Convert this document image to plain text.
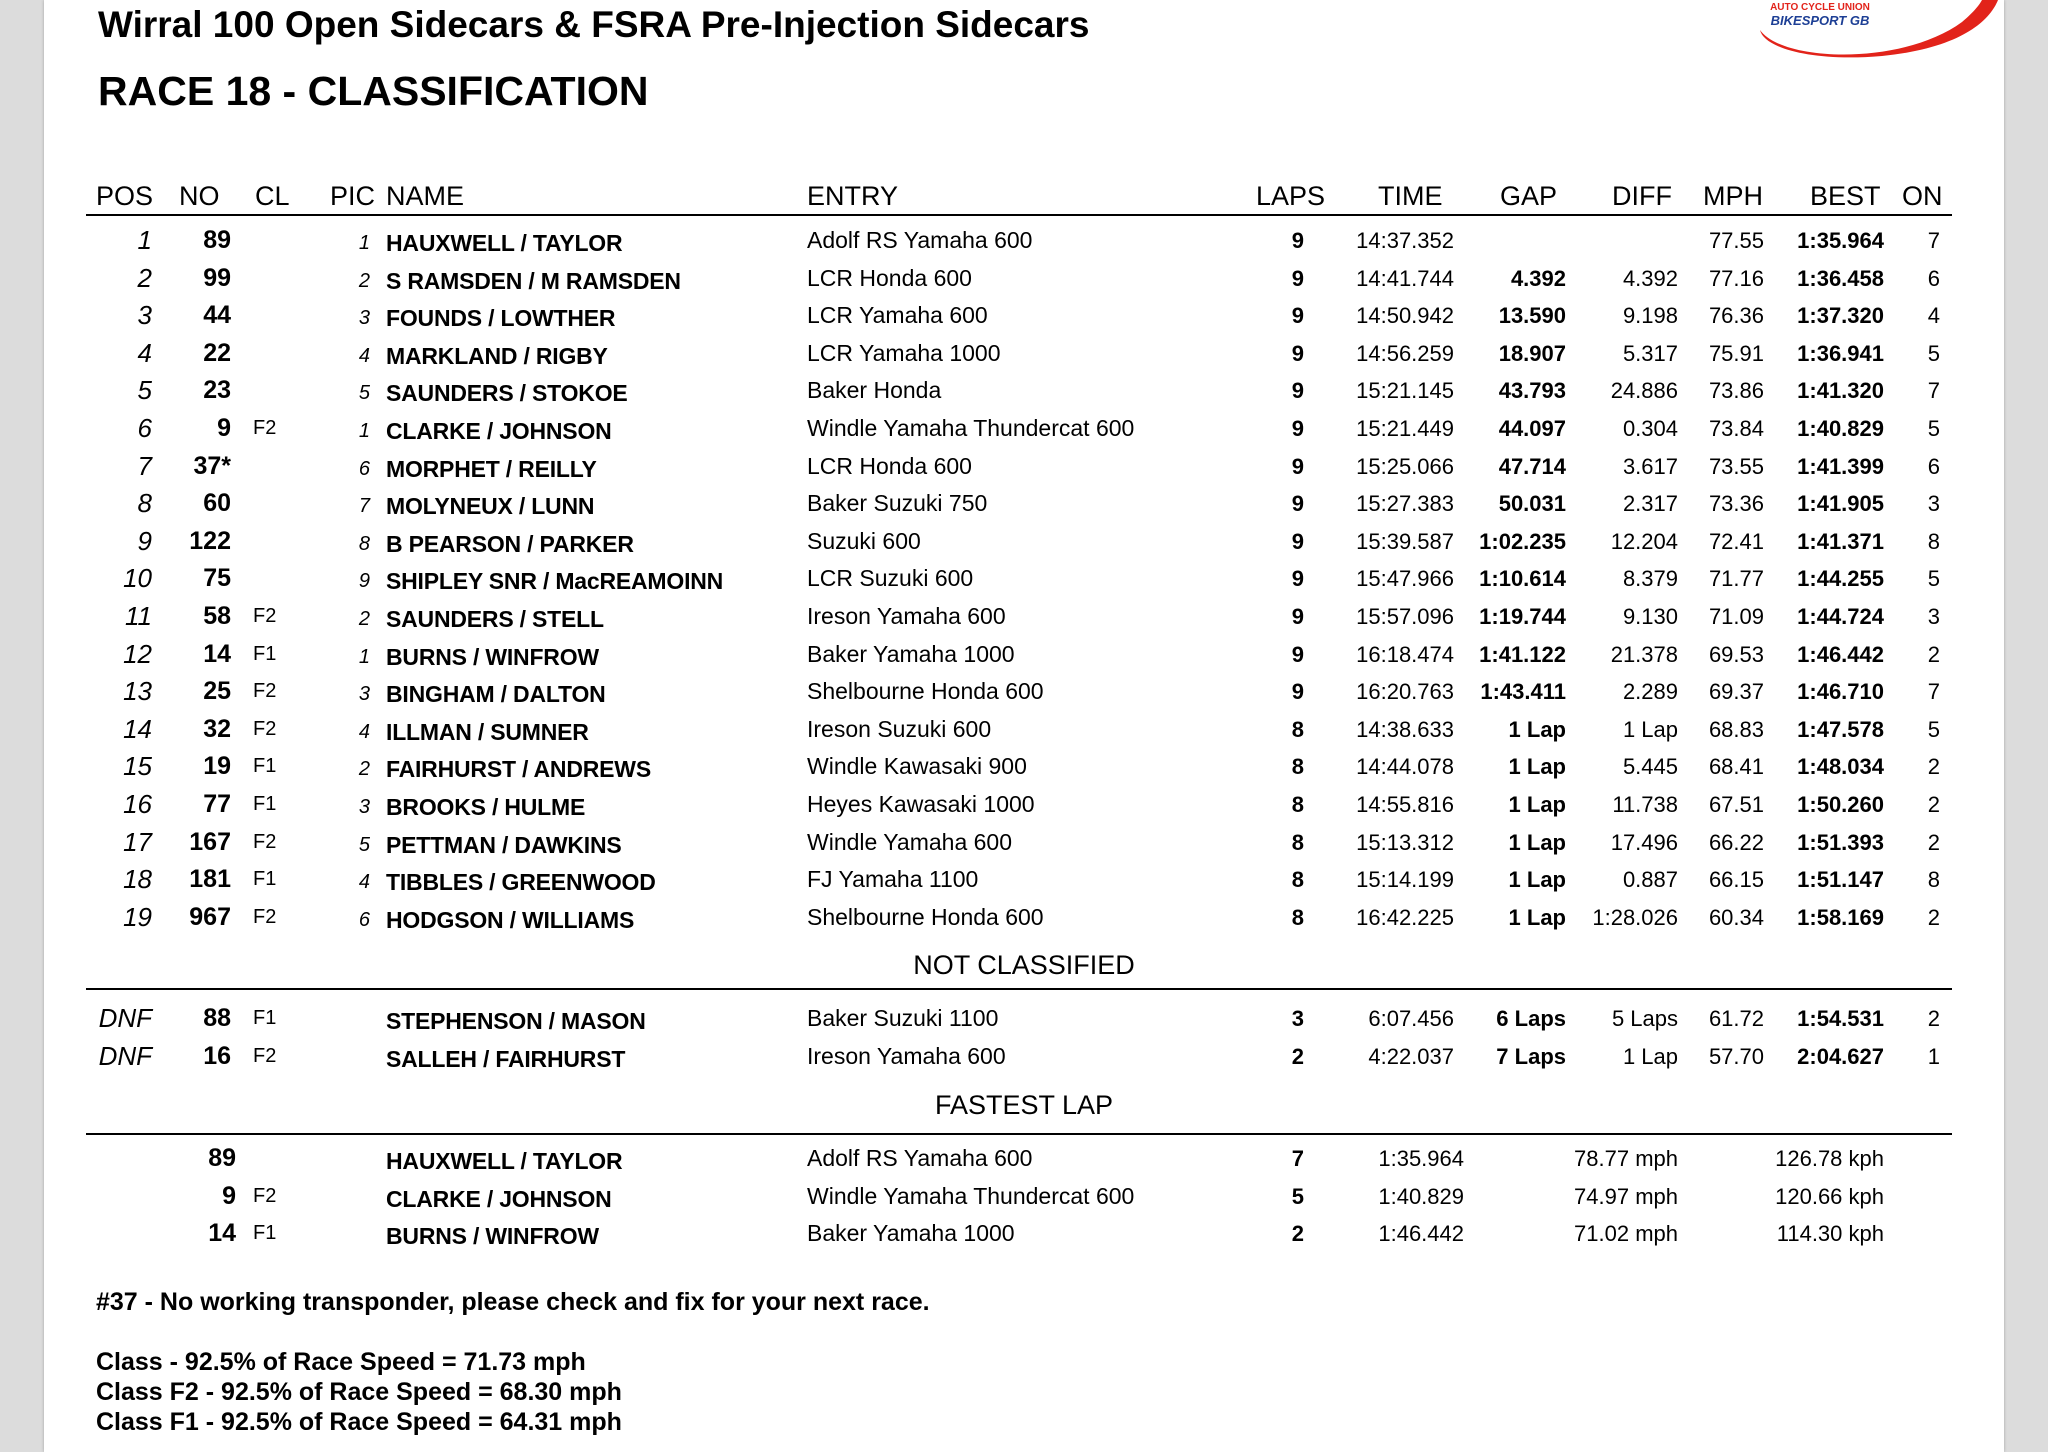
Wirral 100 Open Sidecars & FSRA Pre-Injection Sidecars
RACE 18 - CLASSIFICATION
AUTO CYCLE UNION
BIKESPORT GB
POS NO CL PIC NAME	ENTRY	LAPS TIME GAP DIFF MPH BEST ON
1 89	1 HAUXWELL / TAYLOR	Adolf RS Yamaha 600	9 14:37.352	77.55 1:35.964 7
2 99	2 S RAMSDEN / M RAMSDEN	LCR Honda 600	9 14:41.744	4.392	4.392 77.16 1:36.458 6
3 44	3 FOUNDS / LOWTHER	LCR Yamaha 600	9 14:50.942 13.590	9.198 76.36 1:37.320 4
4 22	4 MARKLAND / RIGBY	LCR Yamaha 1000	9 14:56.259 18.907	5.317 75.91 1:36.941 5
5 23	5 SAUNDERS / STOKOE	Baker Honda	9 15:21.145 43.793 24.886 73.86 1:41.320 7
6	9 F2	1 CLARKE / JOHNSON	Windle Yamaha Thundercat 600	9 15:21.449 44.097	0.304 73.84 1:40.829 5
7 37*	6 MORPHET / REILLY	LCR Honda 600	9 15:25.066 47.714	3.617 73.55 1:41.399 6
8 60	7 MOLYNEUX / LUNN	Baker Suzuki 750	9 15:27.383 50.031	2.317 73.36 1:41.905 3
9 122	8 B PEARSON / PARKER	Suzuki 600	9 15:39.587 1:02.235 12.204 72.41 1:41.371 8
10 75	9 SHIPLEY SNR / MacREAMOINN	LCR Suzuki 600	9 15:47.966 1:10.614	8.379 71.77 1:44.255 5
11 58 F2	2 SAUNDERS / STELL	Ireson Yamaha 600	9 15:57.096 1:19.744	9.130 71.09 1:44.724 3
12 14 F1	1 BURNS / WINFROW	Baker Yamaha 1000	9 16:18.474 1:41.122 21.378 69.53 1:46.442 2
13 25 F2	3 BINGHAM / DALTON	Shelbourne Honda 600	9 16:20.763 1:43.411	2.289 69.37 1:46.710 7
14 32 F2	4 ILLMAN / SUMNER	Ireson Suzuki 600	8 14:38.633 1 Lap	1 Lap 68.83 1:47.578 5
15 19 F1	2 FAIRHURST / ANDREWS	Windle Kawasaki 900	8 14:44.078 1 Lap	5.445 68.41 1:48.034 2
16 77 F1	3 BROOKS / HULME	Heyes Kawasaki 1000	8 14:55.816 1 Lap 11.738 67.51 1:50.260 2
17 167 F2	5 PETTMAN / DAWKINS	Windle Yamaha 600	8 15:13.312 1 Lap 17.496 66.22 1:51.393 2
18 181 F1	4 TIBBLES / GREENWOOD	FJ Yamaha 1100	8 15:14.199 1 Lap	0.887 66.15 1:51.147 8
19 967 F2	6 HODGSON / WILLIAMS	Shelbourne Honda 600	8 16:42.225 1 Lap 1:28.026 60.34 1:58.169 2
NOT CLASSIFIED
DNF 88 F1	STEPHENSON / MASON	Baker Suzuki 1100	3	6:07.456 6 Laps 5 Laps 61.72 1:54.531 2
DNF 16 F2	SALLEH / FAIRHURST	Ireson Yamaha 600	2	4:22.037 7 Laps	1 Lap 57.70 2:04.627 1
FASTEST LAP
89	HAUXWELL / TAYLOR	Adolf RS Yamaha 600	7	1:35.964	78.77 mph	126.78 kph
9 F2	CLARKE / JOHNSON	Windle Yamaha Thundercat 600	5	1:40.829	74.97 mph	120.66 kph
14 F1	BURNS / WINFROW	Baker Yamaha 1000	2	1:46.442	71.02 mph	114.30 kph
#37 - No working transponder, please check and fix for your next race.
Class - 92.5% of Race Speed = 71.73 mph
Class F2 - 92.5% of Race Speed = 68.30 mph
Class F1 - 92.5% of Race Speed = 64.31 mph
